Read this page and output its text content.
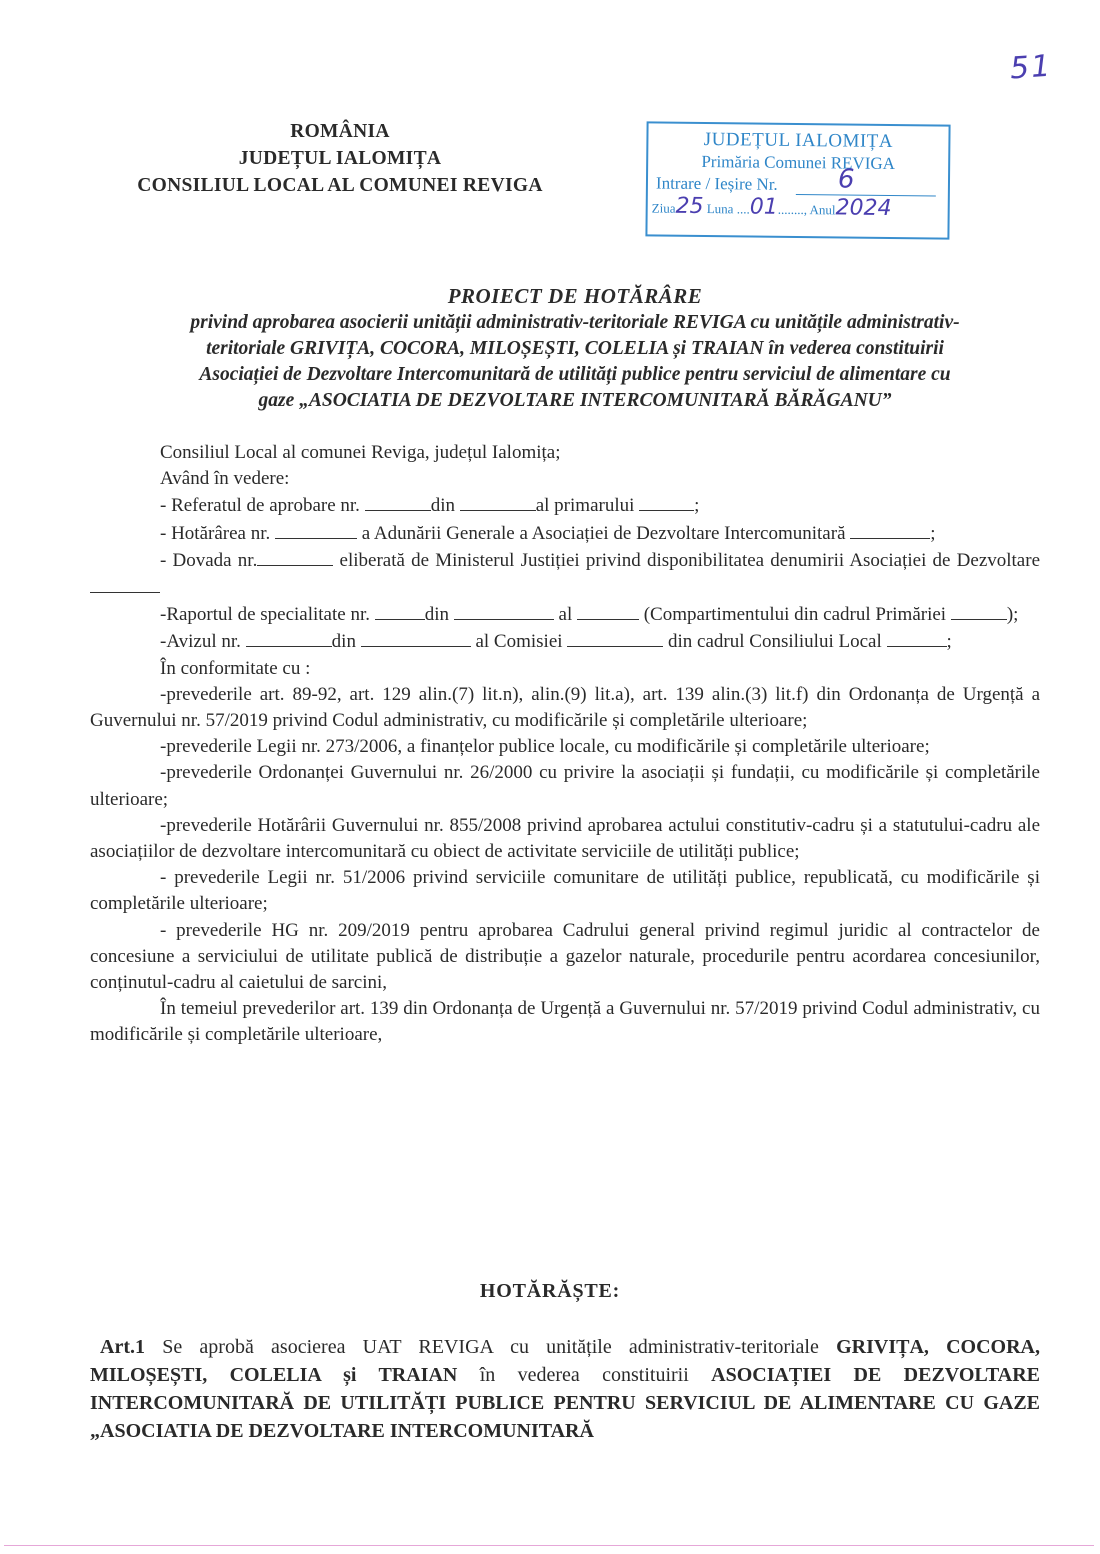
51
ROMÂNIA
JUDEȚUL IALOMIȚA
CONSILIUL LOCAL AL COMUNEI REVIGA
JUDEȚUL IALOMIȚA
Primăria Comunei REVIGA
Intrare / Ieșire Nr. 6
Ziua25 Luna ....01........, Anul2024
PROIECT DE HOTĂRÂRE
privind aprobarea asocierii unității administrativ-teritoriale REVIGA cu unitățile administrativ-
teritoriale GRIVIȚA, COCORA, MILOȘEȘTI, COLELIA și TRAIAN în vederea constituirii
Asociației de Dezvoltare Intercomunitară de utilități publice pentru serviciul de alimentare cu
gaze „ASOCIATIA DE DEZVOLTARE INTERCOMUNITARĂ BĂRĂGANU”

Consiliul Local al comunei Reviga, județul Ialomița;

Având în vedere:

- Referatul de aprobare nr.	din	al primarului	;

- Hotărârea nr.	a Adunării Generale a Asociației de Dezvoltare Intercomunitară	;

- Dovada nr.	eliberată de Ministerul Justiției privind disponibilitatea denumirii Asociației de Dezvoltare

-Raportul de specialitate nr.	din	al	(Compartimentului din cadrul Primăriei	);

-Avizul nr.	din	al Comisiei	din cadrul Consiliului Local	;

În conformitate cu :

-prevederile art. 89-92, art. 129 alin.(7) lit.n), alin.(9) lit.a), art. 139 alin.(3) lit.f) din Ordonanța de Urgență a Guvernului nr. 57/2019 privind Codul administrativ, cu modificările și completările ulterioare;

-prevederile Legii nr. 273/2006, a finanțelor publice locale, cu modificările și completările ulterioare;

-prevederile Ordonanței Guvernului nr. 26/2000 cu privire la asociații și fundații, cu modificările și completările ulterioare;

-prevederile Hotărârii Guvernului nr. 855/2008 privind aprobarea actului constitutiv-cadru și a statutului-cadru ale asociațiilor de dezvoltare intercomunitară cu obiect de activitate serviciile de utilități publice;

- prevederile Legii nr. 51/2006 privind serviciile comunitare de utilități publice, republicată, cu modificările și completările ulterioare;

- prevederile HG nr. 209/2019 pentru aprobarea Cadrului general privind regimul juridic al contractelor de concesiune a serviciului de utilitate publică de distribuție a gazelor naturale, procedurile pentru acordarea concesiunilor, conținutul-cadru al caietului de sarcini,

În temeiul prevederilor art. 139 din Ordonanța de Urgență a Guvernului nr. 57/2019 privind Codul administrativ, cu modificările și completările ulterioare,

HOTĂRĂȘTE:
Art.1 Se aprobă asocierea UAT REVIGA cu unitățile administrativ-teritoriale GRIVIȚA, COCORA, MILOȘEȘTI, COLELIA și TRAIAN în vederea constituirii ASOCIAȚIEI DE DEZVOLTARE INTERCOMUNITARĂ DE UTILITĂȚI PUBLICE PENTRU SERVICIUL DE ALIMENTARE CU GAZE „ASOCIATIA DE DEZVOLTARE INTERCOMUNITARĂ
